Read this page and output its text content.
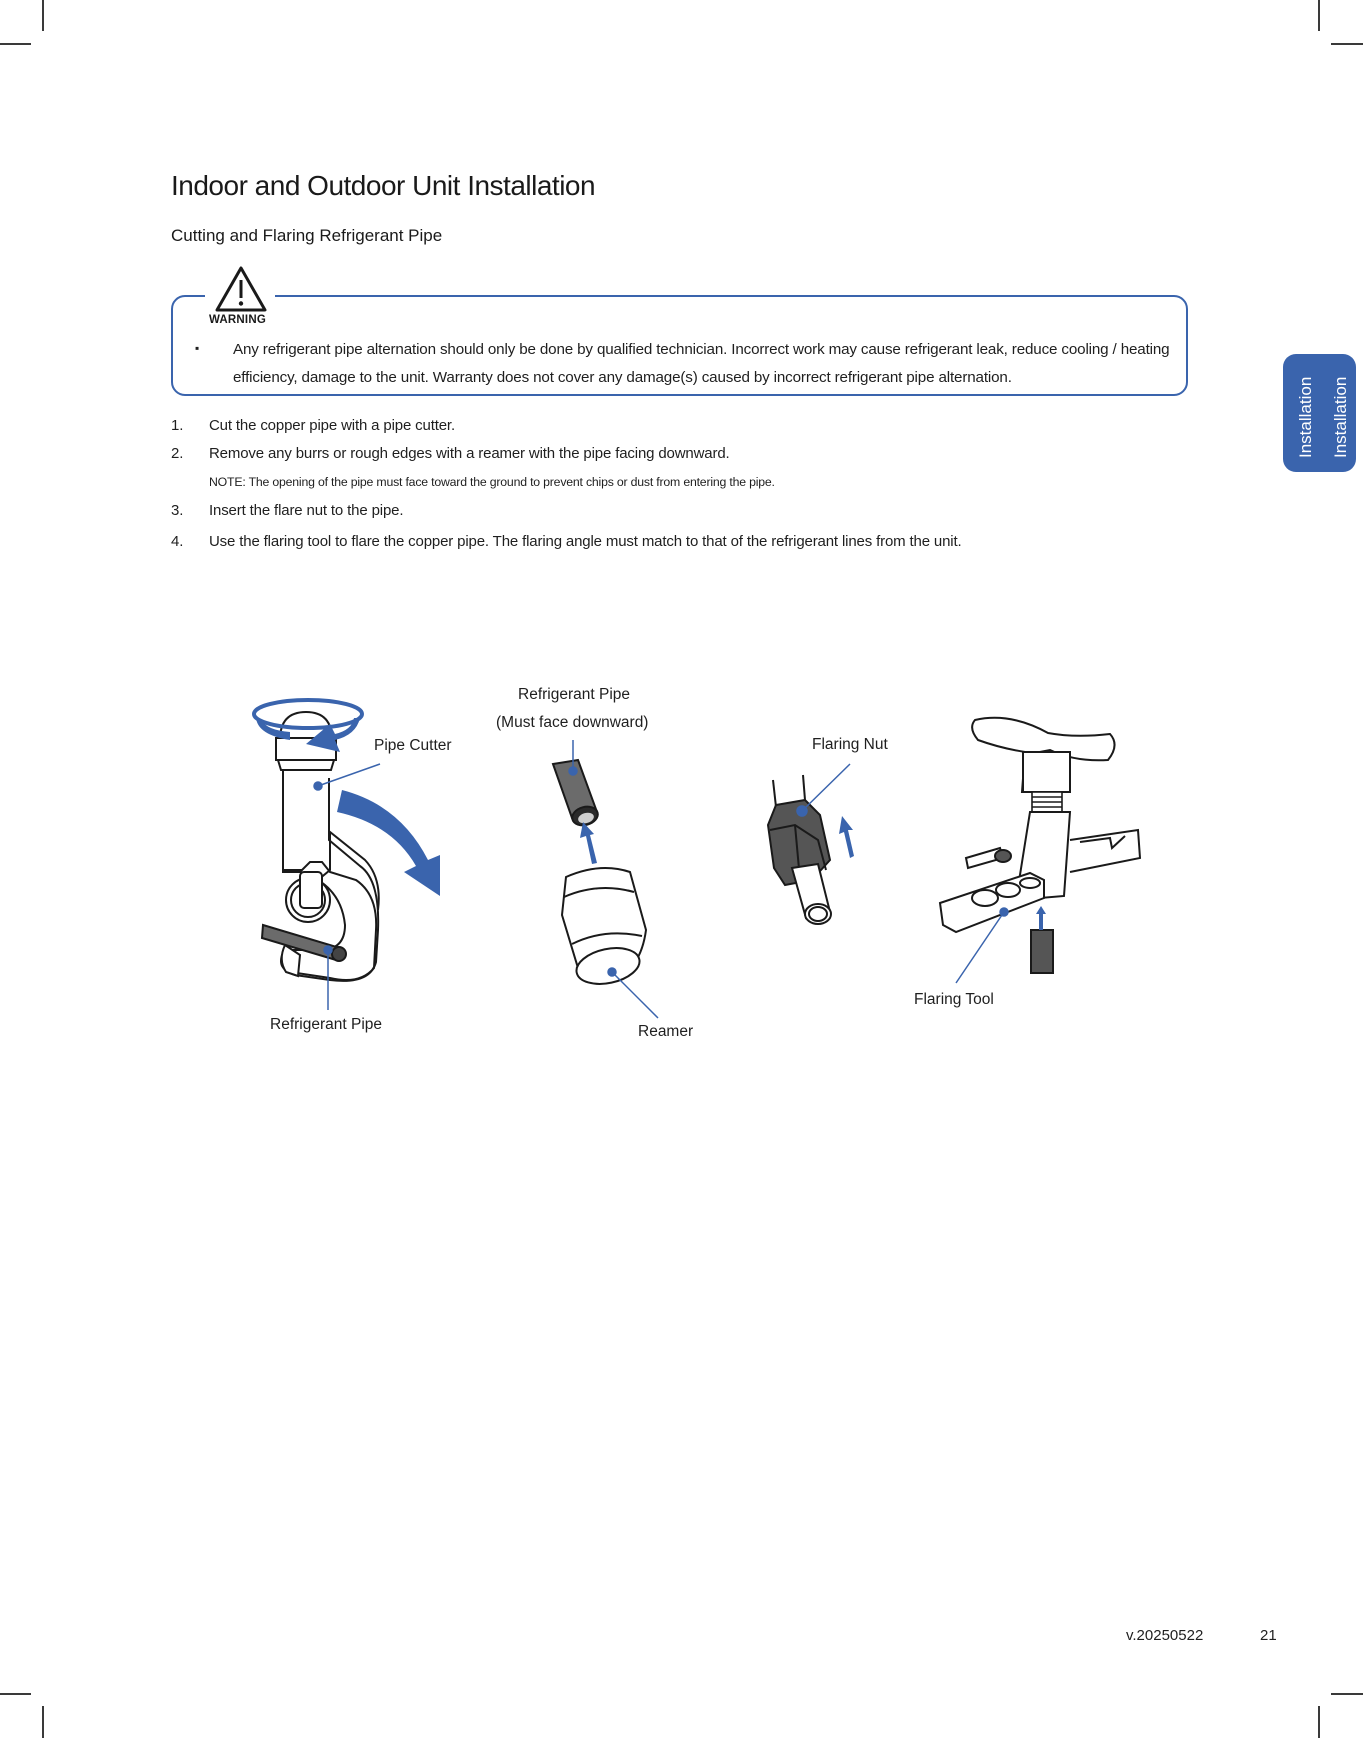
Indoor and Outdoor Unit Installation
Cutting and Flaring Refrigerant Pipe
WARNING
▪ Any refrigerant pipe alternation should only be done by qualified technician. Incorrect work may cause refrigerant leak, reduce cooling / heating efficiency, damage to the unit. Warranty does not cover any damage(s) caused by incorrect refrigerant pipe alternation.
1. Cut the copper pipe with a pipe cutter.
2. Remove any burrs or rough edges with a reamer with the pipe facing downward.
NOTE: The opening of the pipe must face toward the ground to prevent chips or dust from entering the pipe.
3. Insert the flare nut to the pipe.
4. Use the flaring tool to flare the copper pipe. The flaring angle must match to that of the refrigerant lines from the unit.
Installation Installation
Pipe Cutter
Refrigerant Pipe
Refrigerant Pipe
(Must face downward)
Reamer
Flaring Nut
Flaring Tool
v.20250522	21
